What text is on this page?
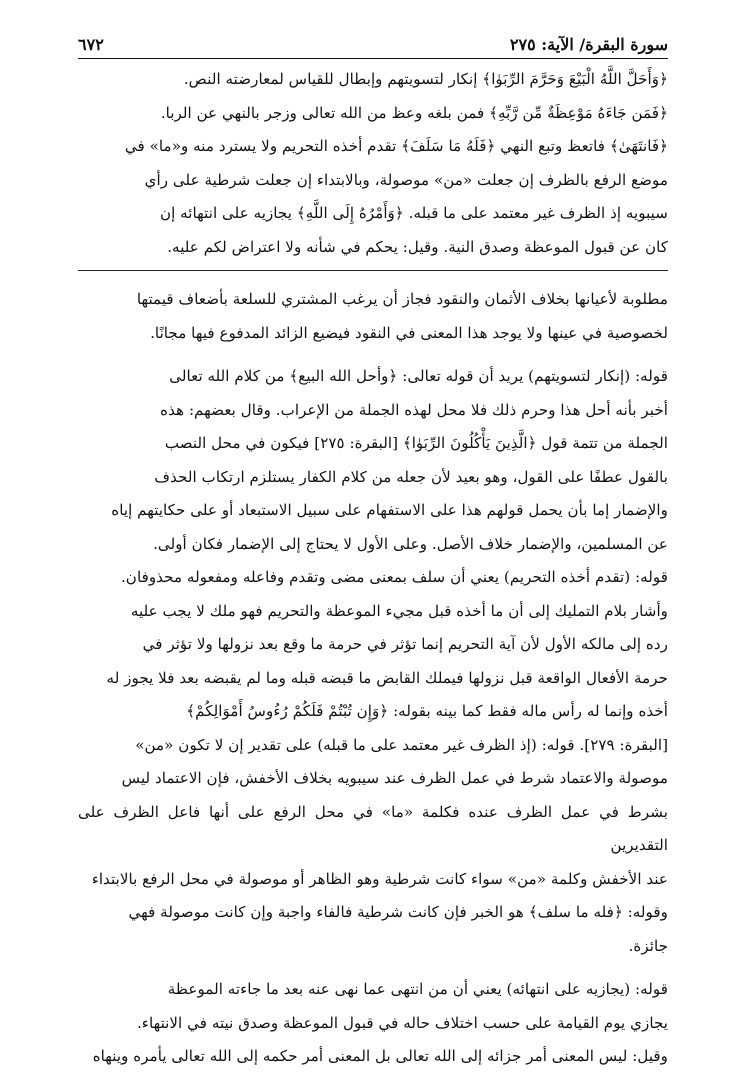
سورة البقرة/ الآية: ٢٧٥
٦٧٢

﴿وَأَحَلَّ اللَّهُ الْبَيْعَ وَحَرَّمَ الرِّبَوٰا﴾ إنكار لتسويتهم وإبطال للقياس لمعارضته النص.

﴿فَمَن جَاءَهُ مَوْعِظَةٌ مِّن رَّبِّهِ﴾ فمن بلغه وعظ من الله تعالى وزجر بالنهي عن الربا.

﴿فَانتَهَىٰ﴾ فاتعظ وتبع النهي ﴿فَلَهُ مَا سَلَفَ﴾ تقدم أخذه التحريم ولا يسترد منه و«ما» في

موضع الرفع بالظرف إن جعلت «من» موصولة، وبالابتداء إن جعلت شرطية على رأي

سيبويه إذ الظرف غير معتمد على ما قبله. ﴿وَأَمْرُهُ إِلَى اللَّهِ﴾ يجازيه على انتهائه إن

كان عن قبول الموعظة وصدق النية. وقيل: يحكم في شأنه ولا اعتراض لكم عليه.

مطلوبة لأعيانها بخلاف الأثمان والنقود فجاز أن يرغب المشتري للسلعة بأضعاف قيمتها

لخصوصية في عينها ولا يوجد هذا المعنى في النقود فيضيع الزائد المدفوع فيها مجانًا.

قوله: (إنكار لتسويتهم) يريد أن قوله تعالى: ﴿وأحل الله البيع﴾ من كلام الله تعالى

أخبر بأنه أحل هذا وحرم ذلك فلا محل لهذه الجملة من الإعراب. وقال بعضهم: هذه

الجملة من تتمة قول ﴿الَّذِينَ يَأْكُلُونَ الرِّبَوٰا﴾ [البقرة: ٢٧٥] فيكون في محل النصب

بالقول عطفًا على القول، وهو بعيد لأن جعله من كلام الكفار يستلزم ارتكاب الحذف

والإضمار إما بأن يحمل قولهم هذا على الاستفهام على سبيل الاستبعاد أو على حكايتهم إياه

عن المسلمين، والإضمار خلاف الأصل. وعلى الأول لا يحتاج إلى الإضمار فكان أولى.

قوله: (تقدم أخذه التحريم) يعني أن سلف بمعنى مضى وتقدم وفاعله ومفعوله محذوفان.

وأشار بلام التمليك إلى أن ما أخذه قبل مجيء الموعظة والتحريم فهو ملك لا يجب عليه

رده إلى مالكه الأول لأن آية التحريم إنما تؤثر في حرمة ما وقع بعد نزولها ولا تؤثر في

حرمة الأفعال الواقعة قبل نزولها فيملك القابض ما قبضه قبله وما لم يقبضه بعد فلا يجوز له

أخذه وإنما له رأس ماله فقط كما بينه بقوله: ﴿وَإِن تُبْتُمْ فَلَكُمْ رُءُوسُ أَمْوَالِكُمْ﴾

[البقرة: ٢٧٩]. قوله: (إذ الظرف غير معتمد على ما قبله) على تقدير إن لا تكون «من»

موصولة والاعتماد شرط في عمل الظرف عند سيبويه بخلاف الأخفش، فإن الاعتماد ليس

بشرط في عمل الظرف عنده فكلمة «ما» في محل الرفع على أنها فاعل الظرف على التقديرين

عند الأخفش وكلمة «من» سواء كانت شرطية وهو الظاهر أو موصولة في محل الرفع بالابتداء

وقوله: ﴿فله ما سلف﴾ هو الخبر فإن كانت شرطية فالفاء واجبة وإن كانت موصولة فهي

جائزة.

قوله: (يجازيه على انتهائه) يعني أن من انتهى عما نهى عنه بعد ما جاءته الموعظة

يجازي يوم القيامة على حسب اختلاف حاله في قبول الموعظة وصدق نيته في الانتهاء.

وقيل: ليس المعنى أمر جزائه إلى الله تعالى بل المعنى أمر حكمه إلى الله تعالى يأمره وينهاه
